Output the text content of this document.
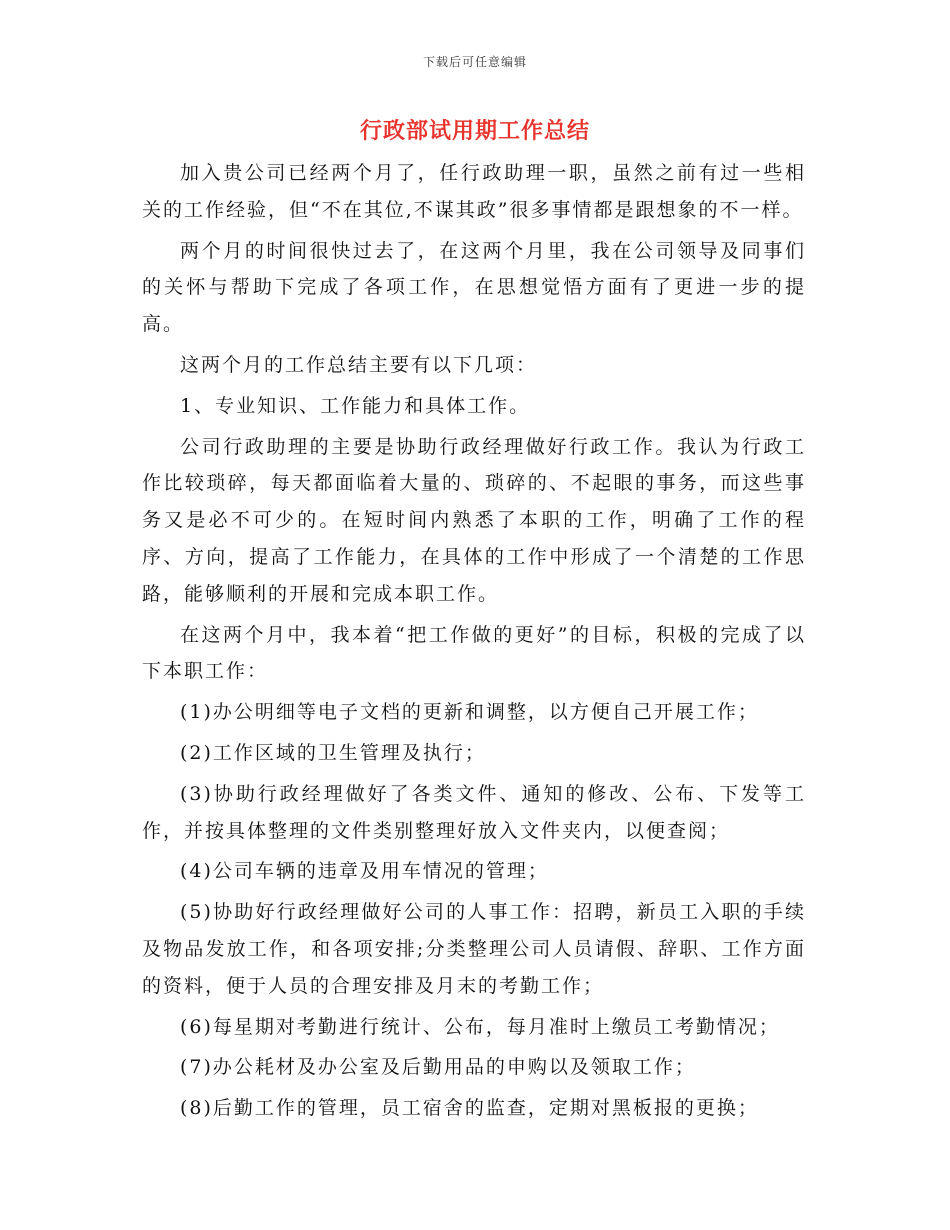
下载后可任意编辑
行政部试用期工作总结

加入贵公司已经两个月了，任行政助理一职，虽然之前有过一些相关的工作经验，但“不在其位,不谋其政”很多事情都是跟想象的不一样。

两个月的时间很快过去了，在这两个月里，我在公司领导及同事们的关怀与帮助下完成了各项工作，在思想觉悟方面有了更进一步的提高。

这两个月的工作总结主要有以下几项：

1、专业知识、工作能力和具体工作。

公司行政助理的主要是协助行政经理做好行政工作。我认为行政工作比较琐碎，每天都面临着大量的、琐碎的、不起眼的事务，而这些事务又是必不可少的。在短时间内熟悉了本职的工作，明确了工作的程序、方向，提高了工作能力，在具体的工作中形成了一个清楚的工作思路，能够顺利的开展和完成本职工作。

在这两个月中，我本着“把工作做的更好”的目标，积极的完成了以下本职工作：

(1)办公明细等电子文档的更新和调整，以方便自己开展工作；

(2)工作区域的卫生管理及执行；

(3)协助行政经理做好了各类文件、通知的修改、公布、下发等工作，并按具体整理的文件类别整理好放入文件夹内，以便查阅；

(4)公司车辆的违章及用车情况的管理；

(5)协助好行政经理做好公司的人事工作：招聘，新员工入职的手续及物品发放工作，和各项安排;分类整理公司人员请假、辞职、工作方面的资料，便于人员的合理安排及月末的考勤工作；

(6)每星期对考勤进行统计、公布，每月准时上缴员工考勤情况；

(7)办公耗材及办公室及后勤用品的申购以及领取工作；

(8)后勤工作的管理，员工宿舍的监查，定期对黑板报的更换；
